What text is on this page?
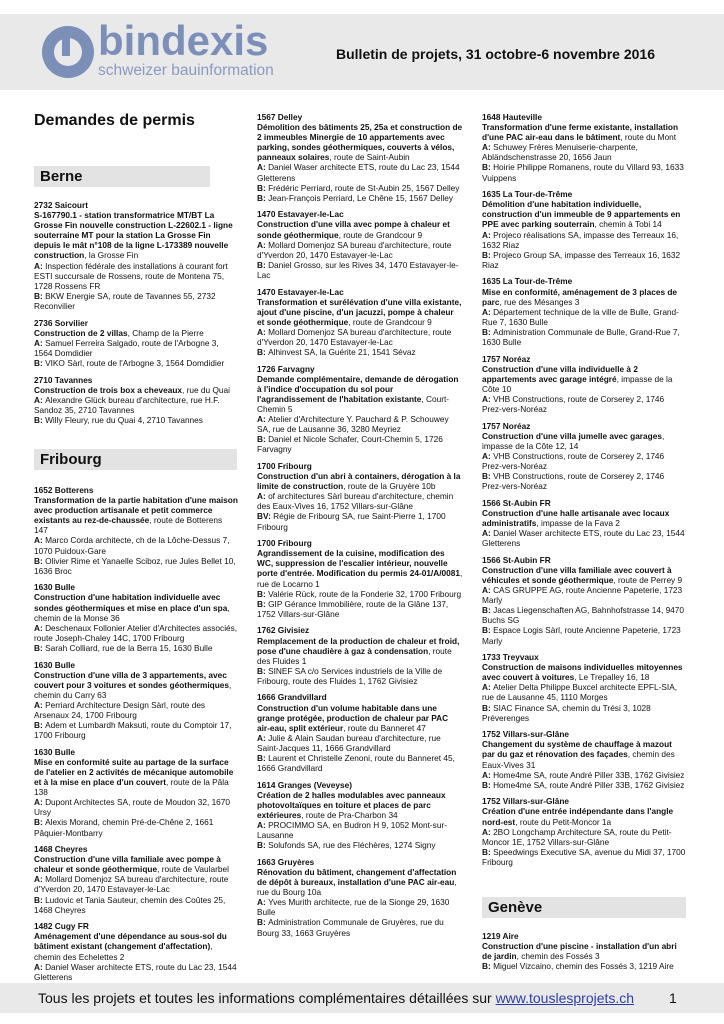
bindexis
schweizer bauinformation
Bulletin de projets, 31 octobre-6 novembre 2016
Demandes de permis
Berne

2732 Saicourt

S-167790.1 - station transformatrice MT/BT La Grosse Fin nouvelle construction L-22602.1 - ligne souterraine MT pour la station La Grosse Fin depuis le mât n°108 de la ligne L-173389 nouvelle construction, la Grosse Fin

A: Inspection fédérale des installations à courant fort ESTI succursale de Rossens, route de Montena 75, 1728 Rossens FR

B: BKW Energie SA, route de Tavannes 55, 2732 Reconvilier

2736 Sorvilier

Construction de 2 villas, Champ de la Pierre

A: Samuel Ferreira Salgado, route de l'Arbogne 3, 1564 Domdidier

B: VIKO Sàrl, route de l'Arbogne 3, 1564 Domdidier

2710 Tavannes

Construction de trois box a cheveaux, rue du Quai

A: Alexandre Glück bureau d'architecture, rue H.F. Sandoz 35, 2710 Tavannes

B: Willy Fleury, rue du Quai 4, 2710 Tavannes

Fribourg

1652 Botterens

Transformation de la partie habitation d'une maison avec production artisanale et petit commerce existants au rez-de-chaussée, route de Botterens 147

A: Marco Corda architecte, ch de la Lôche-Dessus 7, 1070 Puidoux-Gare

B: Olivier Rime et Yanaelle Sciboz, rue Jules Bellet 10, 1636 Broc

1630 Bulle

Construction d'une habitation individuelle avec sondes géothermiques et mise en place d'un spa, chemin de la Monse 36

A: Deschenaux Follonier Atelier d'Architectes associés, route Joseph-Chaley 14C, 1700 Fribourg

B: Sarah Colliard, rue de la Berra 15, 1630 Bulle

1630 Bulle

Construction d'une villa de 3 appartements, avec couvert pour 3 voitures et sondes géothermiques, chemin du Carry 63

A: Perriard Architecture Design Sàrl, route des Arsenaux 24, 1700 Fribourg

B: Adem et Lumbardh Maksuti, route du Comptoir 17, 1700 Fribourg

1630 Bulle

Mise en conformité suite au partage de la surface de l'atelier en 2 activités de mécanique automobile et à la mise en place d'un couvert, route de la Pâla 138

A: Dupont Architectes SA, route de Moudon 32, 1670 Ursy

B: Alexis Morand, chemin Pré-de-Chêne 2, 1661 Pâquier-Montbarry

1468 Cheyres

Construction d'une villa familiale avec pompe à chaleur et sonde géothermique, route de Vaularbel

A: Mollard Domenjoz SA bureau d'architecture, route d'Yverdon 20, 1470 Estavayer-le-Lac

B: Ludovic et Tania Sauteur, chemin des Coûtes 25, 1468 Cheyres

1482 Cugy FR

Aménagement d'une dépendance au sous-sol du bâtiment existant (changement d'affectation), chemin des Echelettes 2

A: Daniel Waser architecte ETS, route du Lac 23, 1544 Gletterens

1567 Delley

Démolition des bâtiments 25, 25a et construction de 2 immeubles Minergie de 10 appartements avec parking, sondes géothermiques, couverts à vélos, panneaux solaires, route de Saint-Aubin

A: Daniel Waser architecte ETS, route du Lac 23, 1544 Gletterens

B: Frédéric Perriard, route de St-Aubin 25, 1567 Delley

B: Jean-François Perriard, Le Chêne 15, 1567 Delley

1470 Estavayer-le-Lac

Construction d'une villa avec pompe à chaleur et sonde géothermique, route de Grandcour 9

A: Mollard Domenjoz SA bureau d'architecture, route d'Yverdon 20, 1470 Estavayer-le-Lac

B: Daniel Grosso, sur les Rives 34, 1470 Estavayer-le-Lac

1470 Estavayer-le-Lac

Transformation et surélévation d'une villa existante, ajout d'une piscine, d'un jacuzzi, pompe à chaleur et sonde géothermique, route de Grandcour 9

A: Mollard Domenjoz SA bureau d'architecture, route d'Yverdon 20, 1470 Estavayer-le-Lac

B: Alhinvest SA, la Guérite 21, 1541 Sévaz

1726 Farvagny

Demande complémentaire, demande de dérogation à l'indice d'occupation du sol pour l'agrandissement de l'habitation existante, Court-Chemin 5

A: Atelier d'Architecture Y. Pauchard & P. Schouwey SA, rue de Lausanne 36, 3280 Meyriez

B: Daniel et Nicole Schafer, Court-Chemin 5, 1726 Farvagny

1700 Fribourg

Construction d'un abri à containers, dérogation à la limite de construction, route de la Gruyère 10b

A: of architectures Sàrl bureau d'architecture, chemin des Eaux-Vives 16, 1752 Villars-sur-Glâne

BV: Régie de Fribourg SA, rue Saint-Pierre 1, 1700 Fribourg

1700 Fribourg

Agrandissement de la cuisine, modification des WC, suppression de l'escalier intérieur, nouvelle porte d'entrée. Modification du permis 24-01/A/0081, rue de Locarno 1

B: Valérie Rück, route de la Fonderie 32, 1700 Fribourg

B: GIP Gérance Immobilière, route de la Glâne 137, 1752 Villars-sur-Glâne

1762 Givisiez

Remplacement de la production de chaleur et froid, pose d'une chaudière à gaz à condensation, route des Fluides 1

B: SINEF SA c/o Services industriels de la Ville de Fribourg, route des Fluides 1, 1762 Givisiez

1666 Grandvillard

Construction d'un volume habitable dans une grange protégée, production de chaleur par PAC air-eau, split extérieur, route du Banneret 47

A: Julie & Alain Saudan bureau d'architecture, rue Saint-Jacques 11, 1666 Grandvillard

B: Laurent et Christelle Zenoni, route du Banneret 45, 1666 Grandvillard

1614 Granges (Veveyse)

Création de 2 halles modulables avec panneaux photovoltaïques en toiture et places de parc extérieures, route de Pra-Charbon 34

A: PROCIMMO SA, en Budron H 9, 1052 Mont-sur-Lausanne

B: Solufonds SA, rue des Fléchères, 1274 Signy

1663 Gruyères

Rénovation du bâtiment, changement d'affectation de dépôt à bureaux, installation d'une PAC air-eau, rue du Bourg 10a

A: Yves Murith architecte, rue de la Sionge 29, 1630 Bulle

B: Administration Communale de Gruyères, rue du Bourg 33, 1663 Gruyères

1648 Hauteville

Transformation d'une ferme existante, installation d'une PAC air-eau dans le bâtiment, route du Mont

A: Schuwey Frères Menuiserie-charpente, Abländschenstrasse 20, 1656 Jaun

B: Hoirie Philippe Romanens, route du Villard 93, 1633 Vuippens

1635 La Tour-de-Trême

Démolition d'une habitation individuelle, construction d'un immeuble de 9 appartements en PPE avec parking souterrain, chemin à Tobi 14

A: Projeco réalisations SA, impasse des Terreaux 16, 1632 Riaz

B: Projeco Group SA, impasse des Terreaux 16, 1632 Riaz

1635 La Tour-de-Trême

Mise en conformité, aménagement de 3 places de parc, rue des Mésanges 3

A: Département technique de la ville de Bulle, Grand-Rue 7, 1630 Bulle

B: Administration Communale de Bulle, Grand-Rue 7, 1630 Bulle

1757 Noréaz

Construction d'une villa individuelle à 2 appartements avec garage intégré, impasse de la Côte 10

A: VHB Constructions, route de Corserey 2, 1746 Prez-vers-Noréaz

1757 Noréaz

Construction d'une villa jumelle avec garages, impasse de la Côte 12, 14

A: VHB Constructions, route de Corserey 2, 1746 Prez-vers-Noréaz

B: VHB Constructions, route de Corserey 2, 1746 Prez-vers-Noréaz

1566 St-Aubin FR

Construction d'une halle artisanale avec locaux administratifs, impasse de la Fava 2

A: Daniel Waser architecte ETS, route du Lac 23, 1544 Gletterens

1566 St-Aubin FR

Construction d'une villa familiale avec couvert à véhicules et sonde géothermique, route de Perrey 9

A: CAS GRUPPE AG, route Ancienne Papeterie, 1723 Marly

B: Jacas Liegenschaften AG, Bahnhofstrasse 14, 9470 Buchs SG

B: Espace Logis Sàrl, route Ancienne Papeterie, 1723 Marly

1733 Treyvaux

Construction de maisons individuelles mitoyennes avec couvert à voitures, Le Trepalley 16, 18

A: Atelier Delta Philippe Buxcel architecte EPFL-SIA, rue de Lausanne 45, 1110 Morges

B: SIAC Finance SA, chemin du Trési 3, 1028 Préverenges

1752 Villars-sur-Glâne

Changement du système de chauffage à mazout par du gaz et rénovation des façades, chemin des Eaux-Vives 31

A: Home4me SA, route André Piller 33B, 1762 Givisiez

B: Home4me SA, route André Piller 33B, 1762 Givisiez

1752 Villars-sur-Glâne

Création d'une entrée indépendante dans l'angle nord-est, route du Petit-Moncor 1a

A: 2BO Longchamp Architecture SA, route du Petit-Moncor 1E, 1752 Villars-sur-Glâne

B: Speedwings Executive SA, avenue du Midi 37, 1700 Fribourg

Genève

1219 Aire

Construction d'une piscine - installation d'un abri de jardin, chemin des Fossés 3

B: Miguel Vizcaino, chemin des Fossés 3, 1219 Aire

Tous les projets et toutes les informations complémentaires détaillées sur www.touslesprojets.ch 1
